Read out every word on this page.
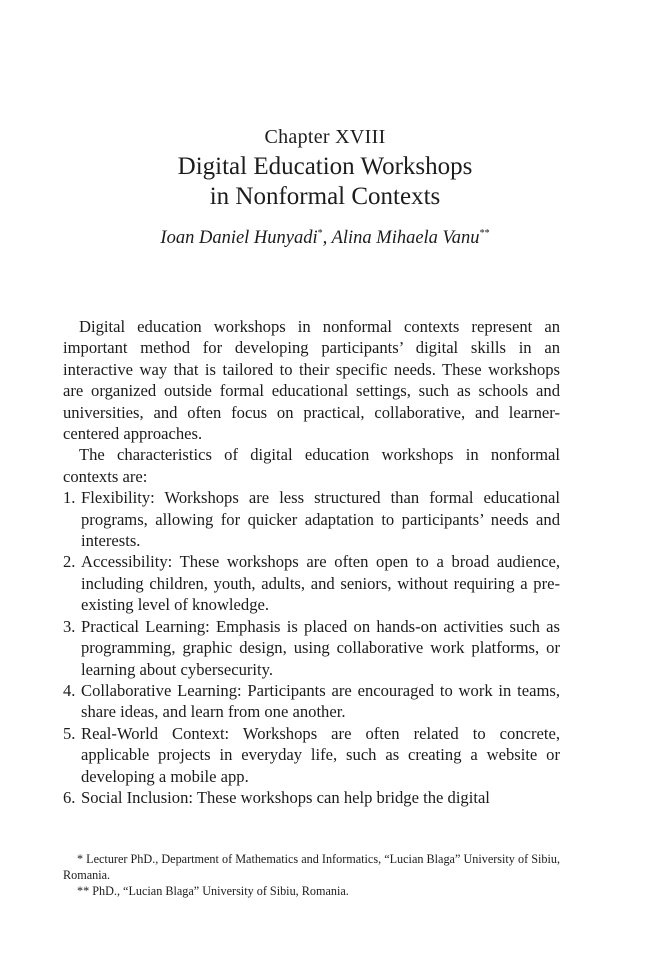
Chapter XVIII
Digital Education Workshops
in Nonformal Contexts
Ioan Daniel Hunyadi*, Alina Mihaela Vanu**

Digital education workshops in nonformal contexts represent an important method for developing participants’ digital skills in an interactive way that is tailored to their specific needs. These workshops are organized outside formal educational settings, such as schools and universities, and often focus on practical, collaborative, and learner-centered approaches.

The characteristics of digital education workshops in nonformal contexts are:

1. Flexibility: Workshops are less structured than formal educational programs, allowing for quicker adaptation to participants’ needs and interests.
2. Accessibility: These workshops are often open to a broad audience, including children, youth, adults, and seniors, without requiring a pre-existing level of knowledge.
3. Practical Learning: Emphasis is placed on hands-on activities such as programming, graphic design, using collaborative work platforms, or learning about cybersecurity.
4. Collaborative Learning: Participants are encouraged to work in teams, share ideas, and learn from one another.
5. Real-World Context: Workshops are often related to concrete, applicable projects in everyday life, such as creating a website or developing a mobile app.
6. Social Inclusion: These workshops can help bridge the digital

* Lecturer PhD., Department of Mathematics and Informatics, “Lucian Blaga” University of Sibiu, Romania.

** PhD., “Lucian Blaga” University of Sibiu, Romania.
